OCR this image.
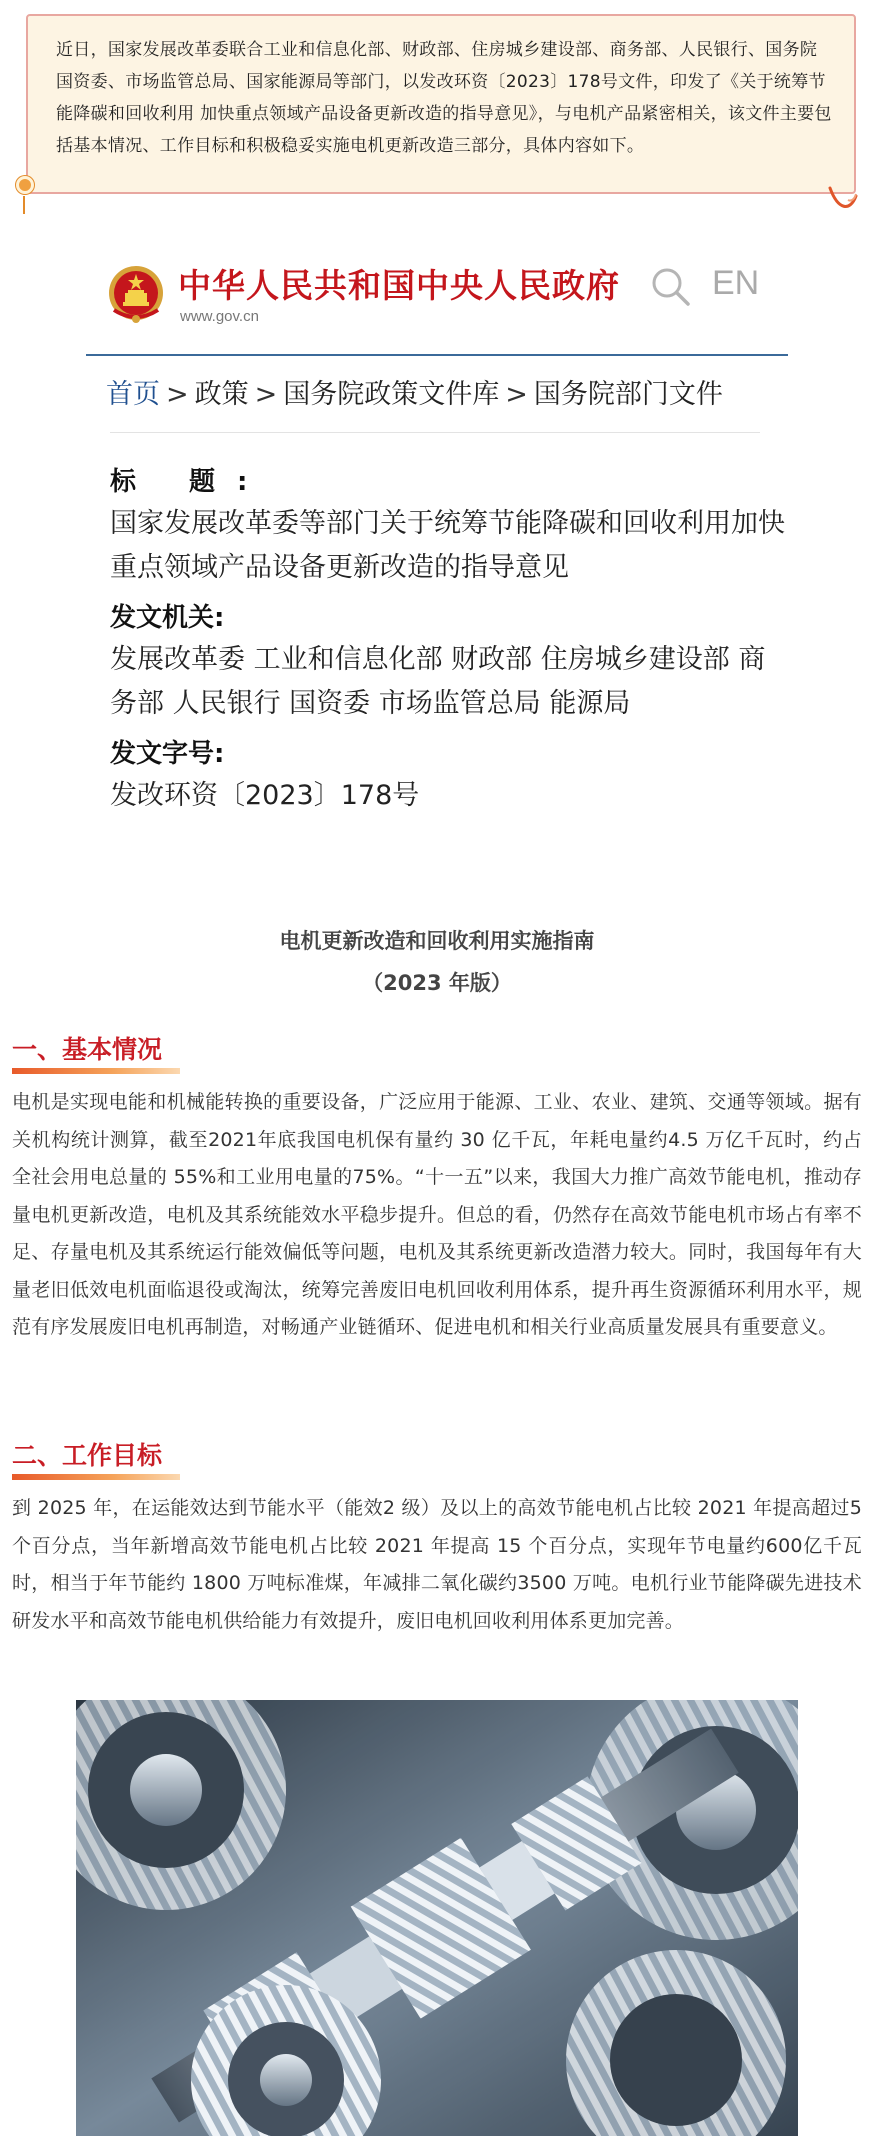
近日，国家发展改革委联合工业和信息化部、财政部、住房城乡建设部、商务部、人民银行、国务院国资委、市场监管总局、国家能源局等部门，以发改环资〔2023〕178号文件，印发了《关于统筹节能降碳和回收利用 加快重点领域产品设备更新改造的指导意见》，与电机产品紧密相关，该文件主要包括基本情况、工作目标和积极稳妥实施电机更新改造三部分，具体内容如下。

中华人民共和国中央人民政府
www.gov.cn
EN
首页 > 政策 > 国务院政策文件库 > 国务院部门文件
标 题:
国家发展改革委等部门关于统筹节能降碳和回收利用加快重点领域产品设备更新改造的指导意见
发文机关:
发展改革委 工业和信息化部 财政部 住房城乡建设部 商务部 人民银行 国资委 市场监管总局 能源局
发文字号:
发改环资〔2023〕178号
电机更新改造和回收利用实施指南
（2023 年版）
一、基本情况
电机是实现电能和机械能转换的重要设备，广泛应用于能源、工业、农业、建筑、交通等领域。据有关机构统计测算，截至2021年底我国电机保有量约 30 亿千瓦，年耗电量约4.5 万亿千瓦时，约占全社会用电总量的 55%和工业用电量的75%。“十一五”以来，我国大力推广高效节能电机，推动存量电机更新改造，电机及其系统能效水平稳步提升。但总的看，仍然存在高效节能电机市场占有率不足、存量电机及其系统运行能效偏低等问题，电机及其系统更新改造潜力较大。同时，我国每年有大量老旧低效电机面临退役或淘汰，统筹完善废旧电机回收利用体系，提升再生资源循环利用水平，规范有序发展废旧电机再制造，对畅通产业链循环、促进电机和相关行业高质量发展具有重要意义。
二、工作目标
到 2025 年，在运能效达到节能水平（能效2 级）及以上的高效节能电机占比较 2021 年提高超过5 个百分点，当年新增高效节能电机占比较 2021 年提高 15 个百分点，实现年节电量约600亿千瓦时，相当于年节能约 1800 万吨标准煤，年减排二氧化碳约3500 万吨。电机行业节能降碳先进技术研发水平和高效节能电机供给能力有效提升，废旧电机回收利用体系更加完善。
